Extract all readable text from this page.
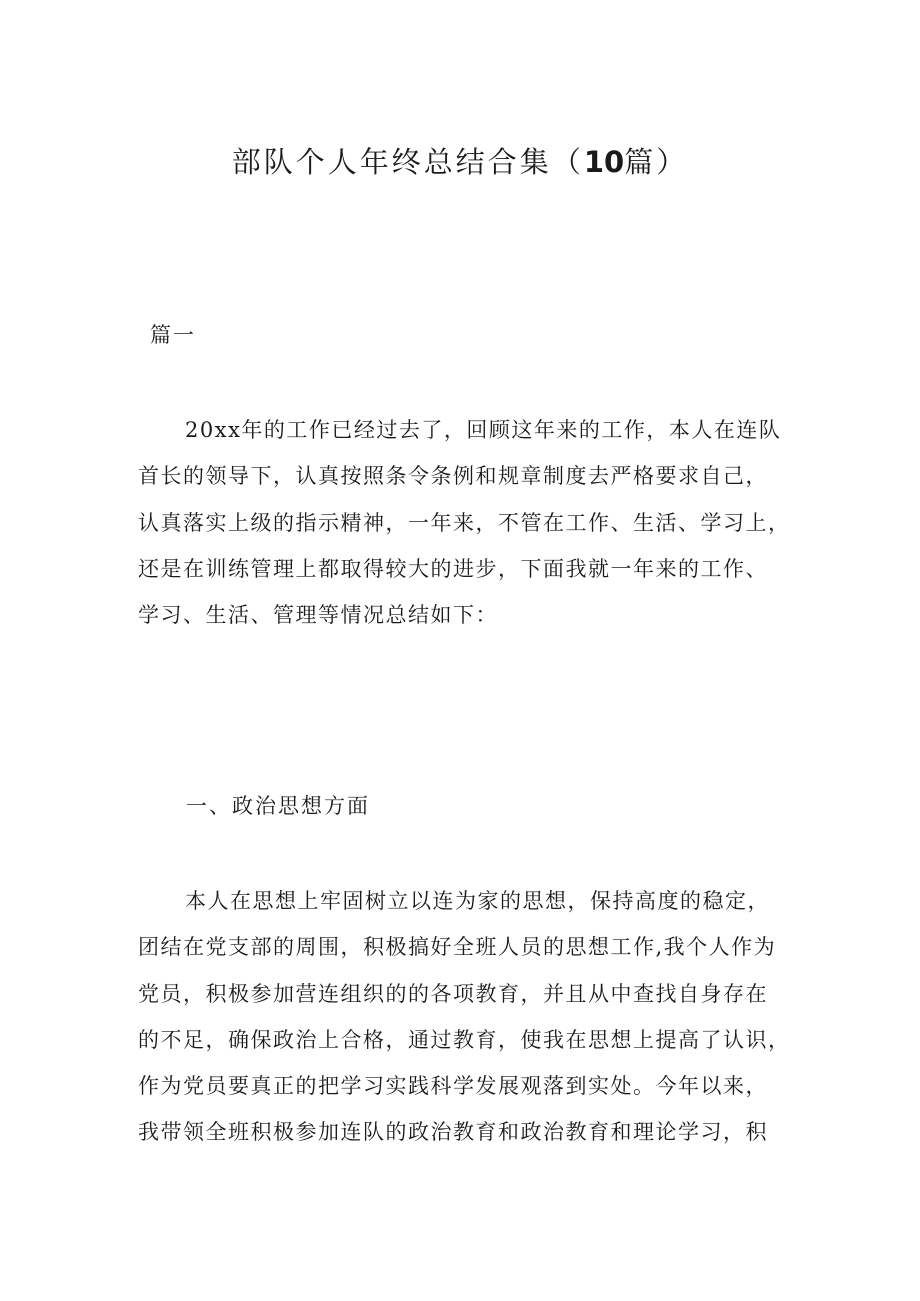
部队个人年终总结合集（10篇）
篇一
20xx年的工作已经过去了，回顾这年来的工作，本人在连队
首长的领导下，认真按照条令条例和规章制度去严格要求自己，
认真落实上级的指示精神，一年来，不管在工作、生活、学习上，
还是在训练管理上都取得较大的进步，下面我就一年来的工作、
学习、生活、管理等情况总结如下：
一、政治思想方面
本人在思想上牢固树立以连为家的思想，保持高度的稳定，
团结在党支部的周围，积极搞好全班人员的思想工作,我个人作为
党员，积极参加营连组织的的各项教育，并且从中查找自身存在
的不足，确保政治上合格，通过教育，使我在思想上提高了认识，
作为党员要真正的把学习实践科学发展观落到实处。今年以来，
我带领全班积极参加连队的政治教育和政治教育和理论学习，积
